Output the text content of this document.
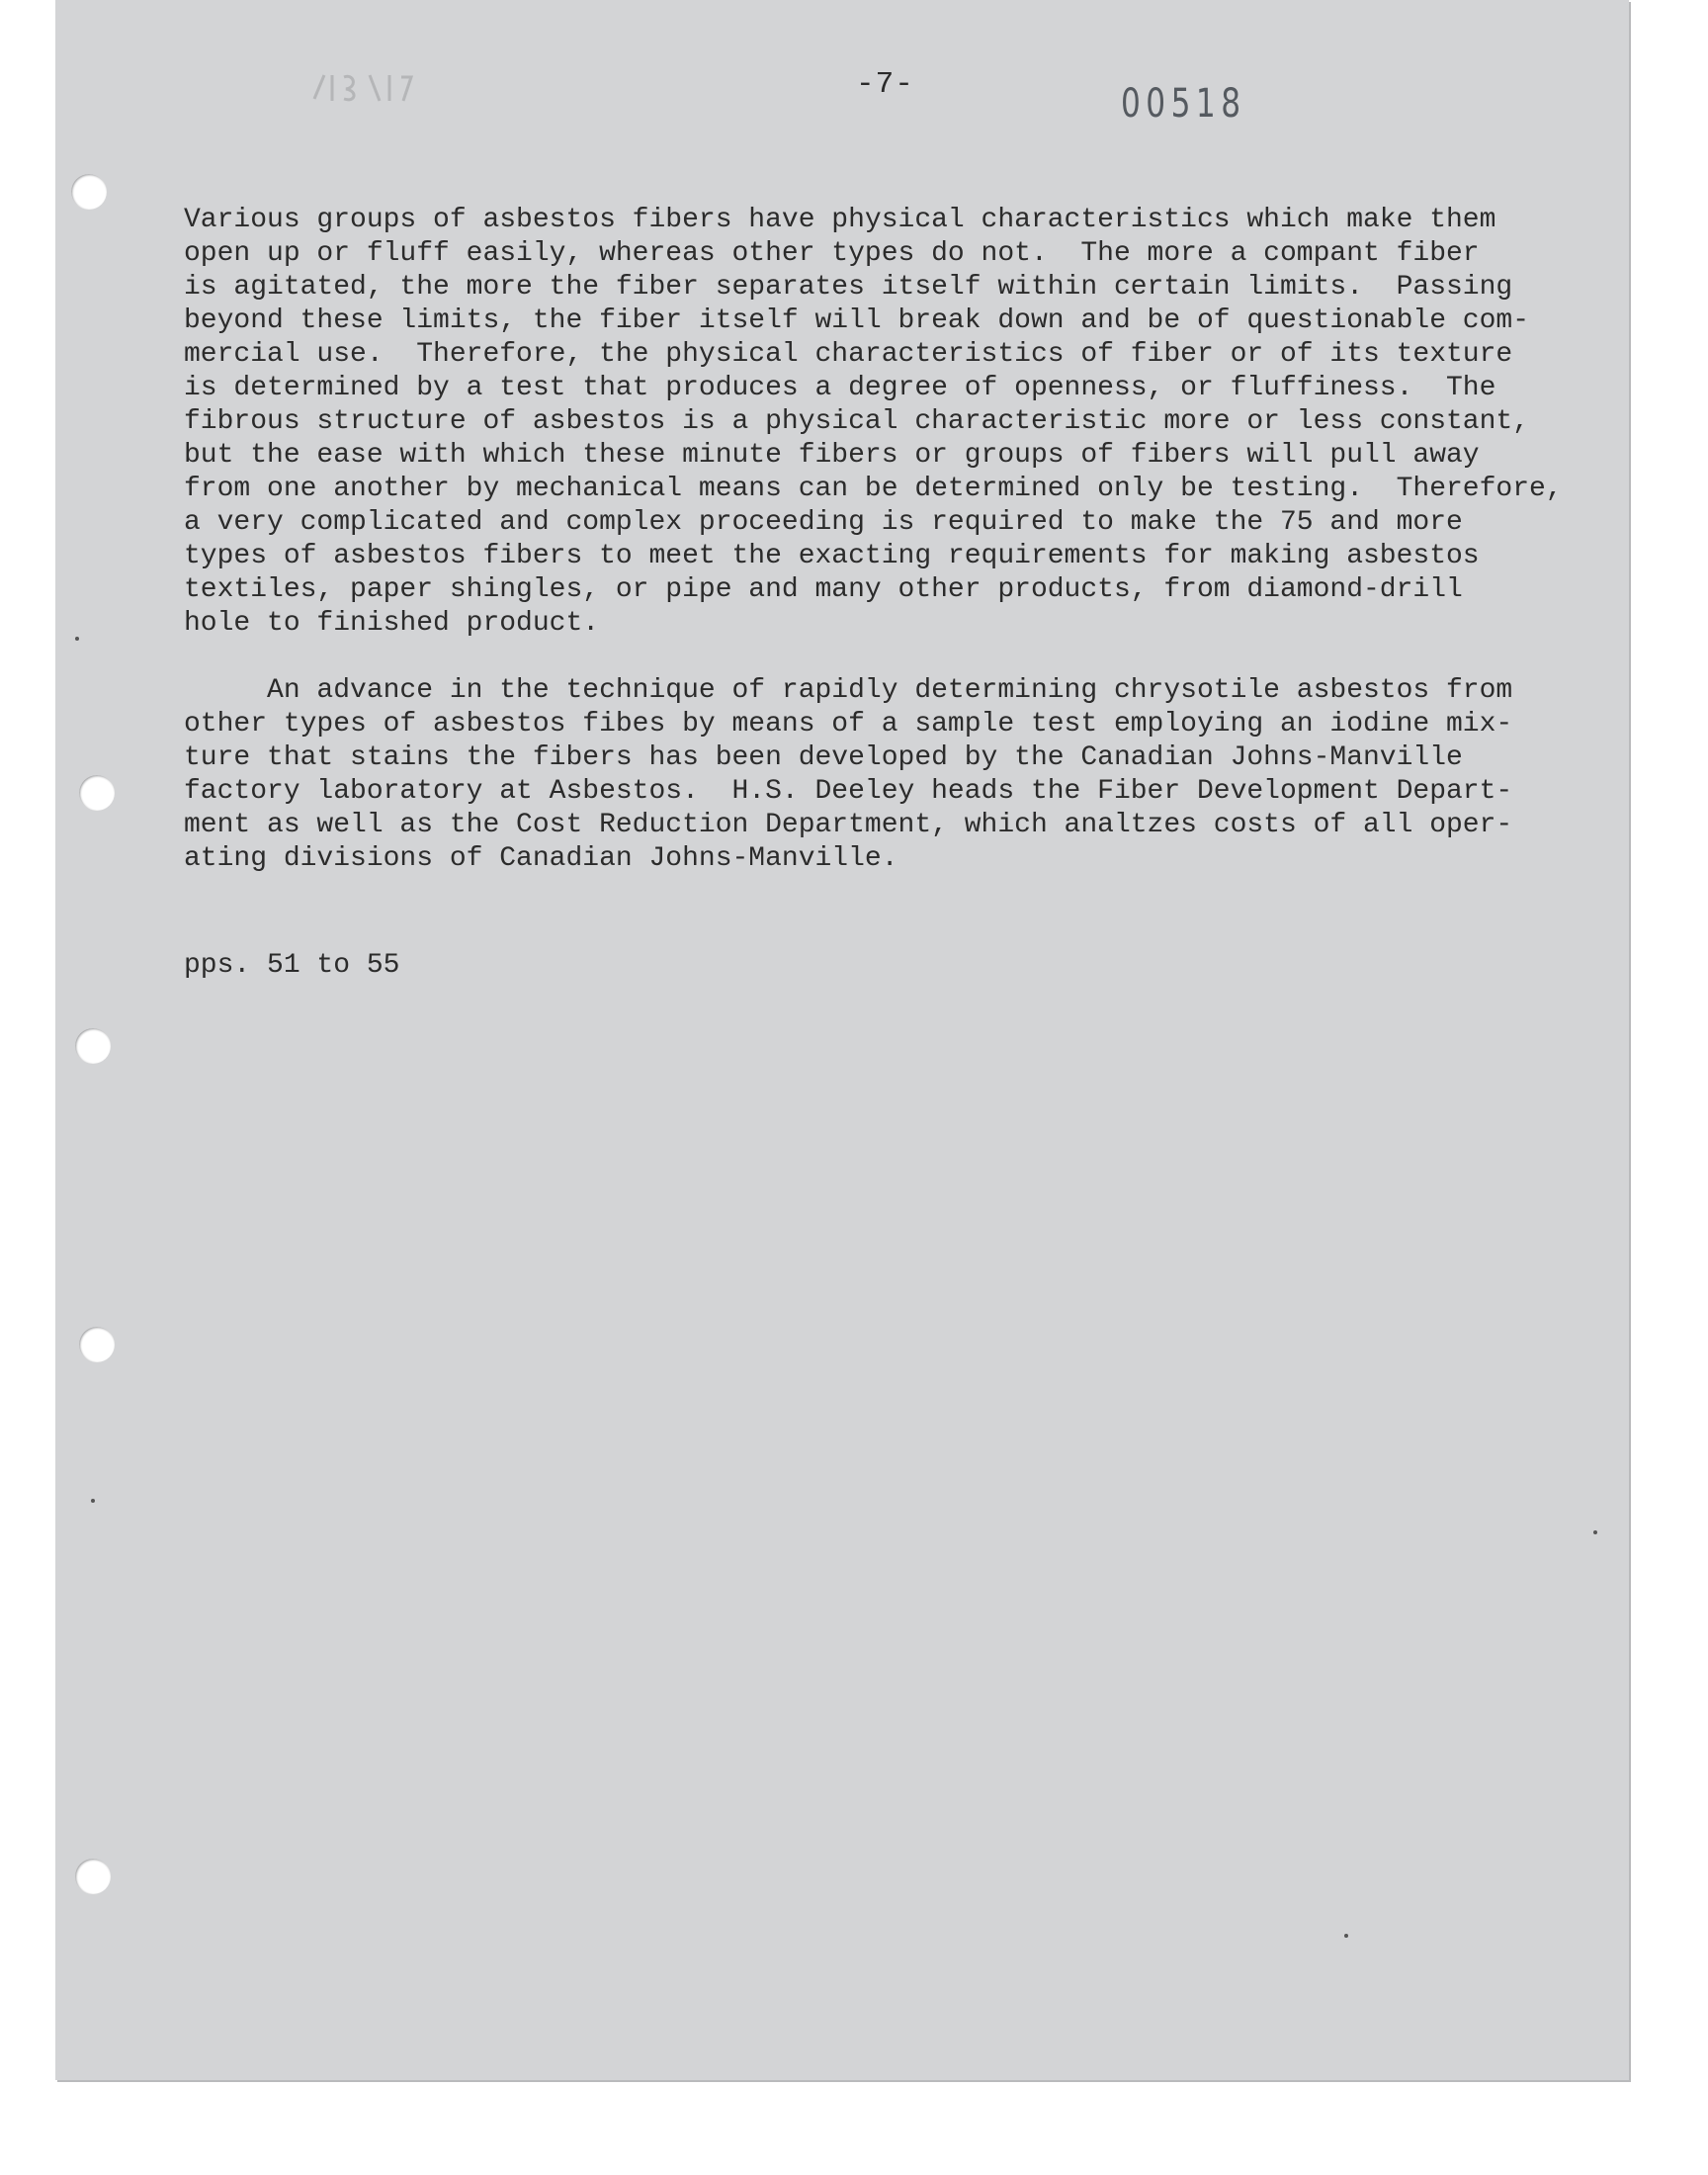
-7-	00518
Various groups of asbestos fibers have physical characteristics which make them
open up or fluff easily, whereas other types do not.  The more a compant fiber
is agitated, the more the fiber separates itself within certain limits.  Passing
beyond these limits, the fiber itself will break down and be of questionable com-
mercial use.  Therefore, the physical characteristics of fiber or of its texture
is determined by a test that produces a degree of openness, or fluffiness.  The
fibrous structure of asbestos is a physical characteristic more or less constant,
but the ease with which these minute fibers or groups of fibers will pull away
from one another by mechanical means can be determined only be testing.  Therefore,
a very complicated and complex proceeding is required to make the 75 and more
types of asbestos fibers to meet the exacting requirements for making asbestos
textiles, paper shingles, or pipe and many other products, from diamond-drill
hole to finished product.
An advance in the technique of rapidly determining chrysotile asbestos from
other types of asbestos fibes by means of a sample test employing an iodine mix-
ture that stains the fibers has been developed by the Canadian Johns-Manville
factory laboratory at Asbestos.  H.S. Deeley heads the Fiber Development Depart-
ment as well as the Cost Reduction Department, which analtzes costs of all oper-
ating divisions of Canadian Johns-Manville.
pps. 51 to 55
